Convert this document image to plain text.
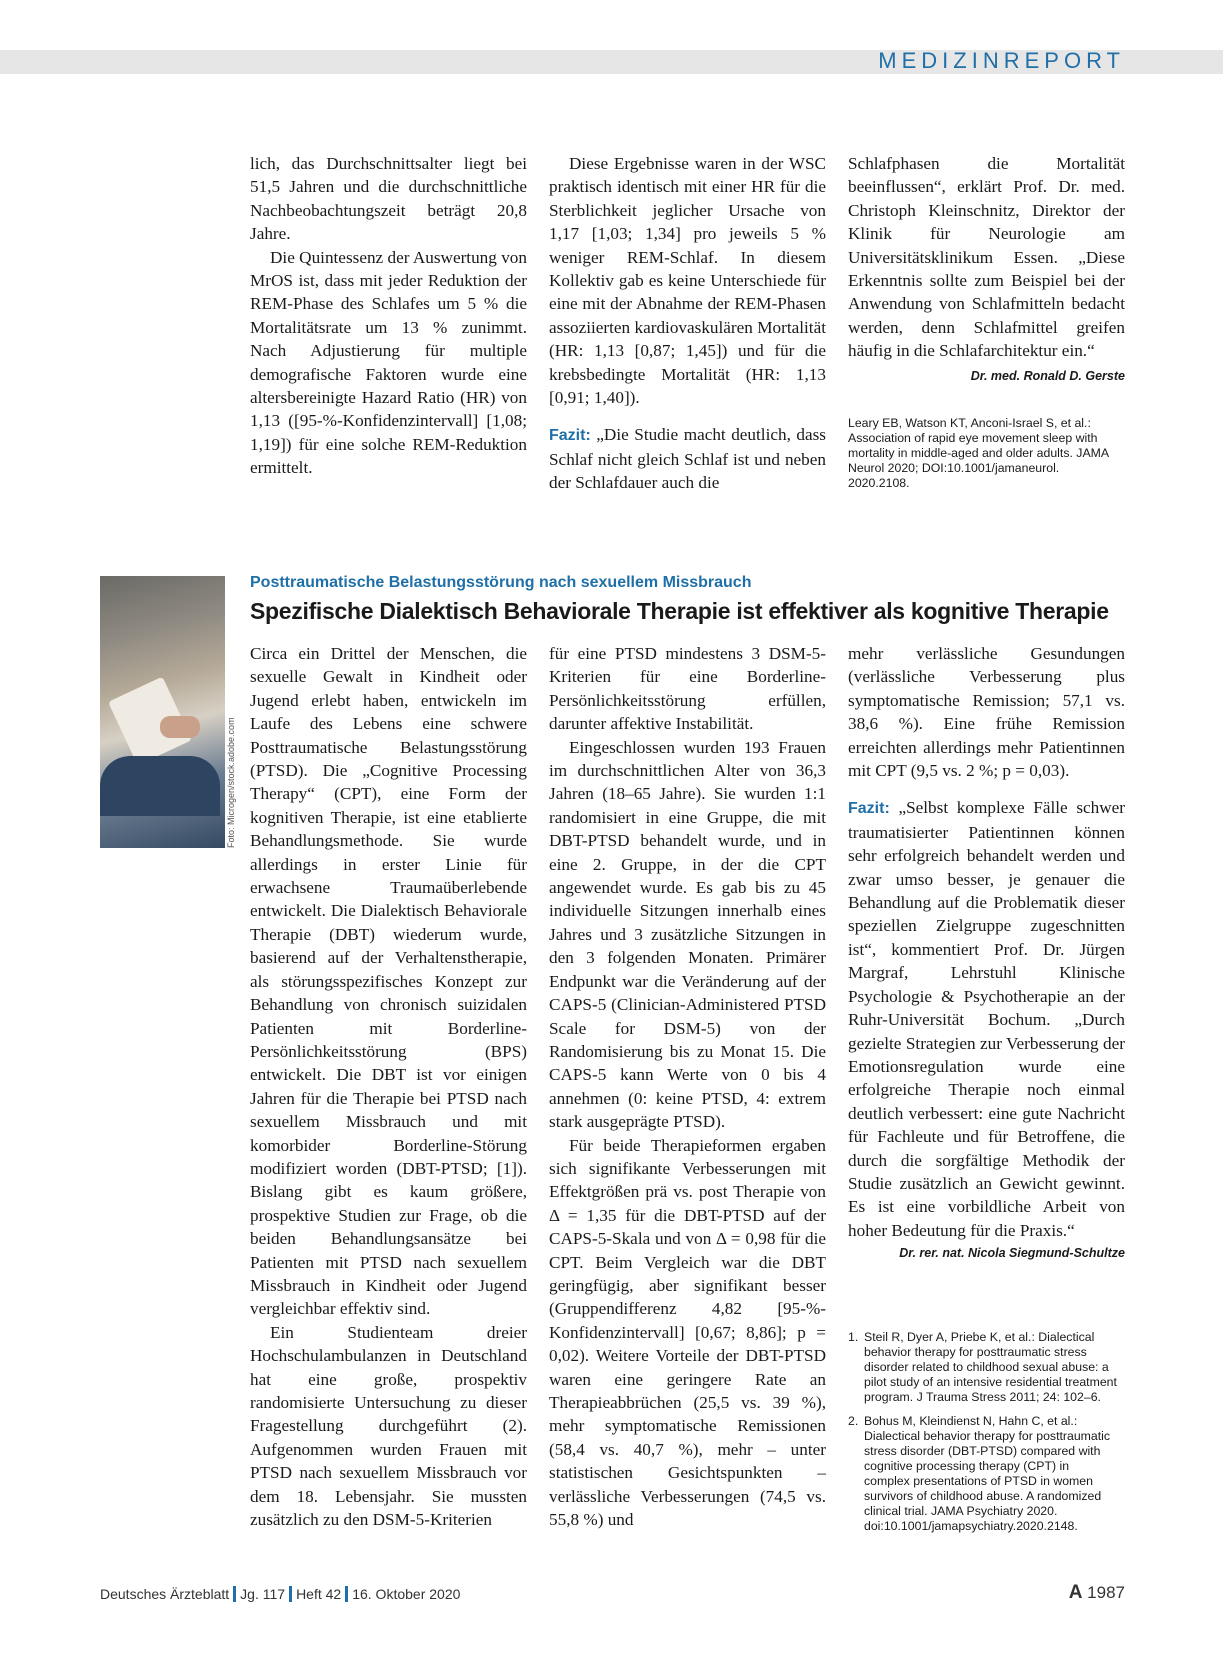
MEDIZINREPORT

lich, das Durchschnittsalter liegt bei 51,5 Jahren und die durchschnittliche Nachbeobachtungszeit beträgt 20,8 Jahre.

Die Quintessenz der Auswertung von MrOS ist, dass mit jeder Reduktion der REM-Phase des Schlafes um 5 % die Mortalitätsrate um 13 % zunimmt. Nach Adjustierung für multiple demografische Faktoren wurde eine altersbereinigte Hazard Ratio (HR) von 1,13 ([95-%-Konfidenzintervall] [1,08; 1,19]) für eine solche REM-Reduktion ermittelt.

Diese Ergebnisse waren in der WSC praktisch identisch mit einer HR für die Sterblichkeit jeglicher Ursache von 1,17 [1,03; 1,34] pro jeweils 5 % weniger REM-Schlaf. In diesem Kollektiv gab es keine Unterschiede für eine mit der Abnahme der REM-Phasen assoziierten kardiovaskulären Mortalität (HR: 1,13 [0,87; 1,45]) und für die krebsbedingte Mortalität (HR: 1,13 [0,91; 1,40]).

Fazit: „Die Studie macht deutlich, dass Schlaf nicht gleich Schlaf ist und neben der Schlafdauer auch die

Schlafphasen die Mortalität beeinflussen“, erklärt Prof. Dr. med. Christoph Kleinschnitz, Direktor der Klinik für Neurologie am Universitätsklinikum Essen. „Diese Erkenntnis sollte zum Beispiel bei der Anwendung von Schlafmitteln bedacht werden, denn Schlafmittel greifen häufig in die Schlafarchitektur ein.“
Dr. med. Ronald D. Gerste

Leary EB, Watson KT, Anconi-Israel S, et al.: Association of rapid eye movement sleep with mortality in middle-aged and older adults. JAMA Neurol 2020; DOI:10.1001/jamaneurol. 2020.2108.
Foto: Microgen/stock.adobe.com
Posttraumatische Belastungsstörung nach sexuellem Missbrauch
Spezifische Dialektisch Behaviorale Therapie ist effektiver als kognitive Therapie

Circa ein Drittel der Menschen, die sexuelle Gewalt in Kindheit oder Jugend erlebt haben, entwickeln im Laufe des Lebens eine schwere Posttraumatische Belastungsstörung (PTSD). Die „Cognitive Processing Therapy“ (CPT), eine Form der kognitiven Therapie, ist eine etablierte Behandlungsmethode. Sie wurde allerdings in erster Linie für erwachsene Traumaüberlebende entwickelt. Die Dialektisch Behaviorale Therapie (DBT) wiederum wurde, basierend auf der Verhaltenstherapie, als störungsspezifisches Konzept zur Behandlung von chronisch suizidalen Patienten mit Borderline-Persönlichkeitsstörung (BPS) entwickelt. Die DBT ist vor einigen Jahren für die Therapie bei PTSD nach sexuellem Missbrauch und mit komorbider Borderline-Störung modifiziert worden (DBT-PTSD; [1]). Bislang gibt es kaum größere, prospektive Studien zur Frage, ob die beiden Behandlungsansätze bei Patienten mit PTSD nach sexuellem Missbrauch in Kindheit oder Jugend vergleichbar effektiv sind.

Ein Studienteam dreier Hochschulambulanzen in Deutschland hat eine große, prospektiv randomisierte Untersuchung zu dieser Fragestellung durchgeführt (2). Aufgenommen wurden Frauen mit PTSD nach sexuellem Missbrauch vor dem 18. Lebensjahr. Sie mussten zusätzlich zu den DSM-5-Kriterien

für eine PTSD mindestens 3 DSM-5-Kriterien für eine Borderline-Persönlichkeitsstörung erfüllen, darunter affektive Instabilität.

Eingeschlossen wurden 193 Frauen im durchschnittlichen Alter von 36,3 Jahren (18–65 Jahre). Sie wurden 1:1 randomisiert in eine Gruppe, die mit DBT-PTSD behandelt wurde, und in eine 2. Gruppe, in der die CPT angewendet wurde. Es gab bis zu 45 individuelle Sitzungen innerhalb eines Jahres und 3 zusätzliche Sitzungen in den 3 folgenden Monaten. Primärer Endpunkt war die Veränderung auf der CAPS-5 (Clinician-Administered PTSD Scale for DSM-5) von der Randomisierung bis zu Monat 15. Die CAPS-5 kann Werte von 0 bis 4 annehmen (0: keine PTSD, 4: extrem stark ausgeprägte PTSD).

Für beide Therapieformen ergaben sich signifikante Verbesserungen mit Effektgrößen prä vs. post Therapie von Δ = 1,35 für die DBT-PTSD auf der CAPS-5-Skala und von Δ = 0,98 für die CPT. Beim Vergleich war die DBT geringfügig, aber signifikant besser (Gruppendifferenz 4,82 [95-%-Konfidenzintervall] [0,67; 8,86]; p = 0,02). Weitere Vorteile der DBT-PTSD waren eine geringere Rate an Therapieabbrüchen (25,5 vs. 39 %), mehr symptomatische Remissionen (58,4 vs. 40,7 %), mehr – unter statistischen Gesichtspunkten – verlässliche Verbesserungen (74,5 vs. 55,8 %) und

mehr verlässliche Gesundungen (verlässliche Verbesserung plus symptomatische Remission; 57,1 vs. 38,6 %). Eine frühe Remission erreichten allerdings mehr Patientinnen mit CPT (9,5 vs. 2 %; p = 0,03).

Fazit: „Selbst komplexe Fälle schwer traumatisierter Patientinnen können sehr erfolgreich behandelt werden und zwar umso besser, je genauer die Behandlung auf die Problematik dieser speziellen Zielgruppe zugeschnitten ist“, kommentiert Prof. Dr. Jürgen Margraf, Lehrstuhl Klinische Psychologie & Psychotherapie an der Ruhr-Universität Bochum. „Durch gezielte Strategien zur Verbesserung der Emotionsregulation wurde eine erfolgreiche Therapie noch einmal deutlich verbessert: eine gute Nachricht für Fachleute und für Betroffene, die durch die sorgfältige Methodik der Studie zusätzlich an Gewicht gewinnt. Es ist eine vorbildliche Arbeit von hoher Bedeutung für die Praxis.“

Dr. rer. nat. Nicola Siegmund-Schultze

1. Steil R, Dyer A, Priebe K, et al.: Dialectical behavior therapy for posttraumatic stress disorder related to childhood sexual abuse: a pilot study of an intensive residential treatment program. J Trauma Stress 2011; 24: 102–6.
2. Bohus M, Kleindienst N, Hahn C, et al.: Dialectical behavior therapy for posttraumatic stress disorder (DBT-PTSD) compared with cognitive processing therapy (CPT) in complex presentations of PTSD in women survivors of childhood abuse. A randomized clinical trial. JAMA Psychiatry 2020. doi:10.1001/jamapsychiatry.2020.2148.
Deutsches Ärzteblatt Jg. 117 Heft 42 16. Oktober 2020	A 1987
